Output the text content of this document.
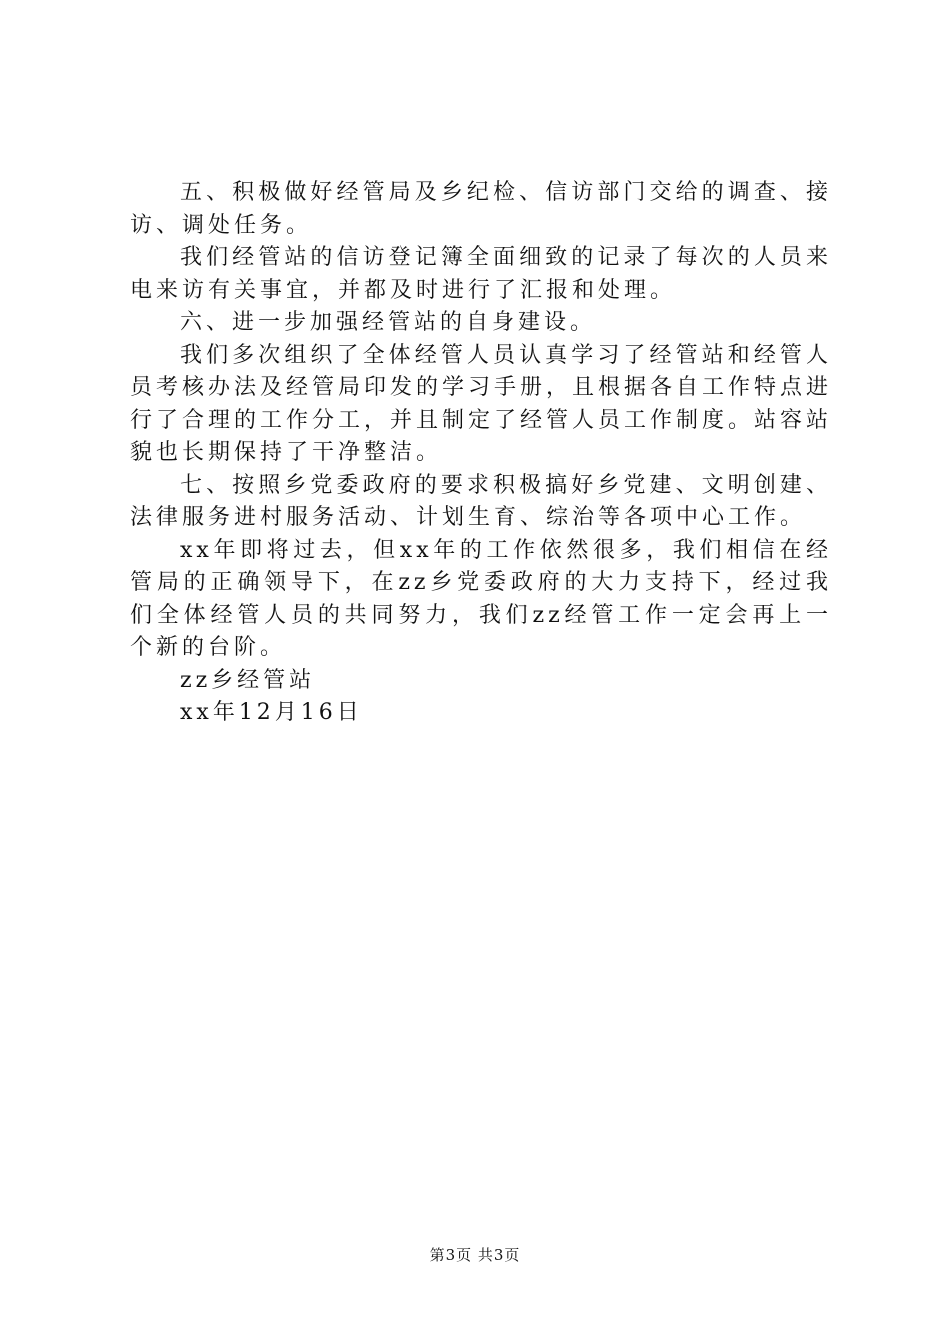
五、积极做好经管局及乡纪检、信访部门交给的调查、接访、调处任务。

我们经管站的信访登记簿全面细致的记录了每次的人员来电来访有关事宜，并都及时进行了汇报和处理。

六、进一步加强经管站的自身建设。

我们多次组织了全体经管人员认真学习了经管站和经管人员考核办法及经管局印发的学习手册，且根据各自工作特点进行了合理的工作分工，并且制定了经管人员工作制度。站容站貌也长期保持了干净整洁。

七、按照乡党委政府的要求积极搞好乡党建、文明创建、法律服务进村服务活动、计划生育、综治等各项中心工作。

xx年即将过去，但xx年的工作依然很多，我们相信在经管局的正确领导下，在zz乡党委政府的大力支持下，经过我们全体经管人员的共同努力，我们zz经管工作一定会再上一个新的台阶。

zz乡经管站

xx年12月16日

第3页 共3页
